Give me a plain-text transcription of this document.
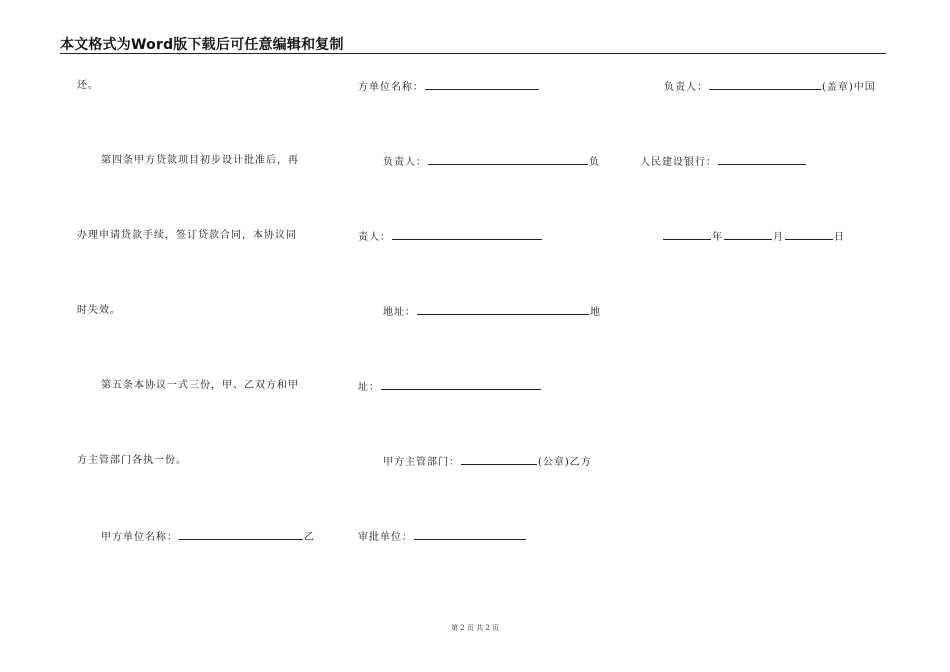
本文格式为Word版下载后可任意编辑和复制
还。
第四条甲方贷款项目初步设计批准后，再
办理申请贷款手续，签订贷款合同，本协议同
时失效。
第五条本协议一式三份，甲、乙双方和甲
方主管部门各执一份。
甲方单位名称：	乙
方单位名称：
负责人：	负
责人：
地址：	地
址：
甲方主管部门：	(公章)乙方
审批单位：
负责人：	(盖章)中国
人民建设银行：
年	月	日
第 2 页 共 2 页
